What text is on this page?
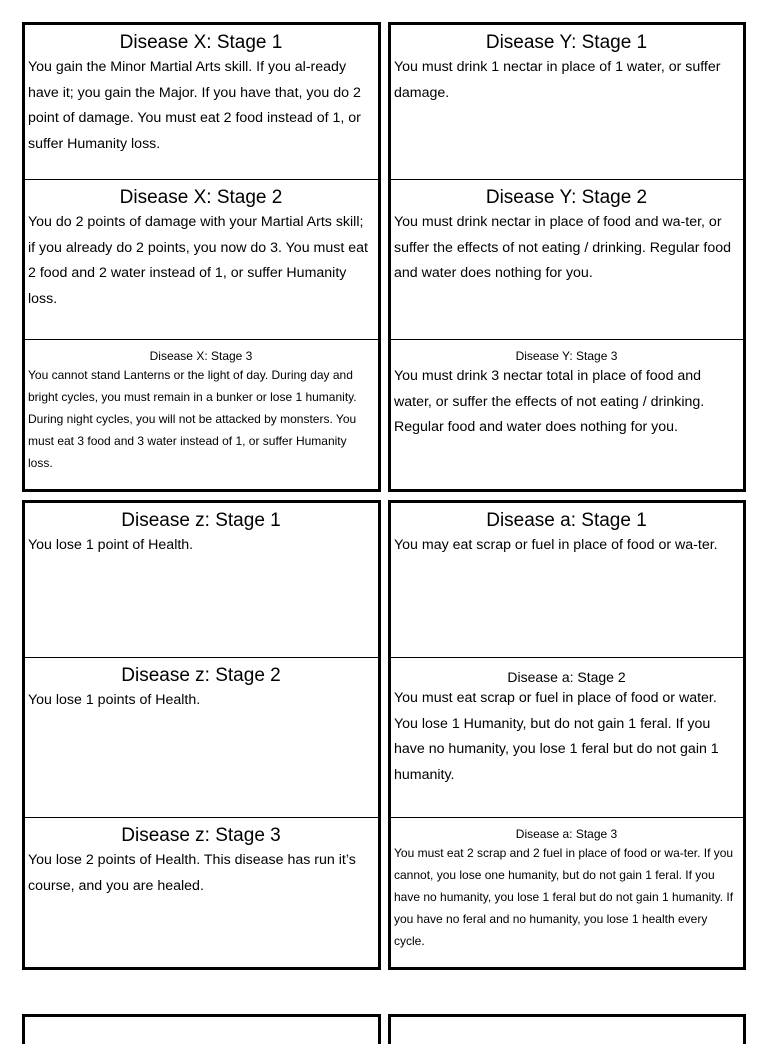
Disease X: Stage 1
You gain the Minor Martial Arts skill. If you al-ready have it; you gain the Major. If you have that, you do 2 point of damage. You must eat 2 food instead of 1, or suffer Humanity loss.
Disease X: Stage 2
You do 2 points of damage with your Martial Arts skill; if you already do 2 points, you now do 3. You must eat 2 food and 2 water instead of 1, or suffer Humanity loss.
Disease X: Stage 3
You cannot stand Lanterns or the light of day. During day and bright cycles, you must remain in a bunker or lose 1 humanity. During night cycles, you will not be attacked by monsters. You must eat 3 food and 3 water instead of 1, or suffer Humanity loss.
Disease Y: Stage 1
You must drink 1 nectar in place of 1 water, or suffer damage.
Disease Y: Stage 2
You must drink nectar in place of food and wa-ter, or suffer the effects of not eating / drinking. Regular food and water does nothing for you.
Disease Y: Stage 3
You must drink 3 nectar total in place of food and water, or suffer the effects of not eating / drinking. Regular food and water does nothing for you.
Disease z: Stage 1
You lose 1 point of Health.
Disease z: Stage 2
You lose 1 points of Health.
Disease z: Stage 3
You lose 2 points of Health. This disease has run it’s course, and you are healed.
Disease a: Stage 1
You may eat scrap or fuel in place of food or wa-ter.
Disease a: Stage 2
You must eat scrap or fuel in place of food or water. You lose 1 Humanity, but do not gain 1 feral. If you have no humanity, you lose 1 feral but do not gain 1 humanity.
Disease a: Stage 3
You must eat 2 scrap and 2 fuel in place of food or wa-ter. If you cannot, you lose one humanity, but do not gain 1 feral. If you have no humanity, you lose 1 feral but do not gain 1 humanity. If you have no feral and no humanity, you lose 1 health every cycle.
